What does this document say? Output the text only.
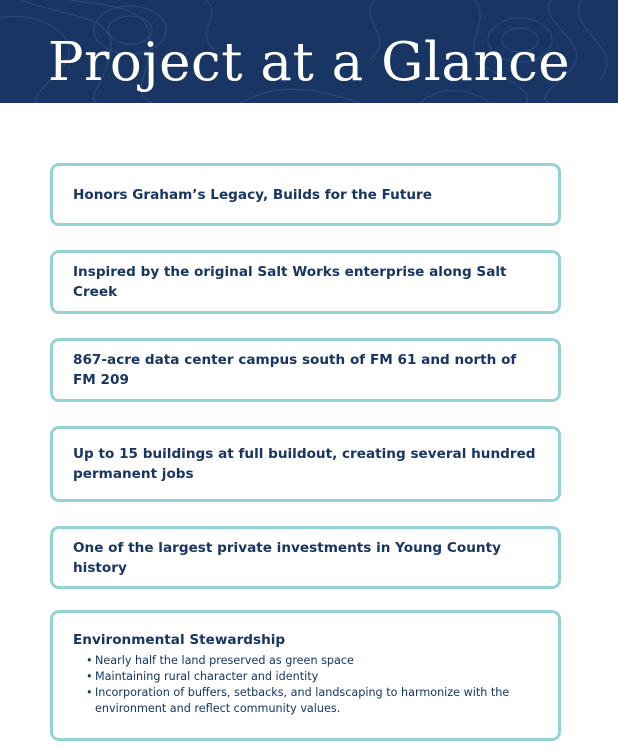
Project at a Glance
Honors Graham’s Legacy, Builds for the Future
Inspired by the original Salt Works enterprise along Salt Creek
867-acre data center campus south of FM 61 and north of FM 209
Up to 15 buildings at full buildout, creating several hundred permanent jobs
One of the largest private investments in Young County history
Environmental Stewardship
• Nearly half the land preserved as green space
• Maintaining rural character and identity
• Incorporation of buffers, setbacks, and landscaping to harmonize with the environment and reflect community values.
